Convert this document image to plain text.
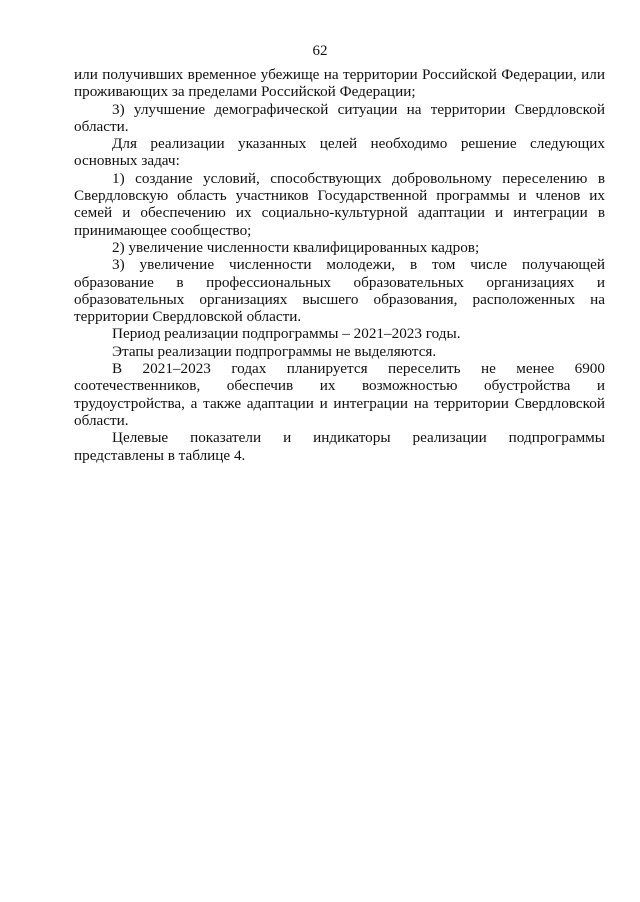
62

или получивших временное убежище на территории Российской Федерации, или проживающих за пределами Российской Федерации;

3) улучшение демографической ситуации на территории Свердловской области.

Для реализации указанных целей необходимо решение следующих основных задач:

1) создание условий, способствующих добровольному переселению в Свердловскую область участников Государственной программы и членов их семей и обеспечению их социально-культурной адаптации и интеграции в принимающее сообщество;

2) увеличение численности квалифицированных кадров;

3) увеличение численности молодежи, в том числе получающей образование в профессиональных образовательных организациях и образовательных организациях высшего образования, расположенных на территории Свердловской области.

Период реализации подпрограммы – 2021–2023 годы.

Этапы реализации подпрограммы не выделяются.

В 2021–2023 годах планируется переселить не менее 6900 соотечественников, обеспечив их возможностью обустройства и трудоустройства, а также адаптации и интеграции на территории Свердловской области.

Целевые показатели и индикаторы реализации подпрограммы представлены в таблице 4.
